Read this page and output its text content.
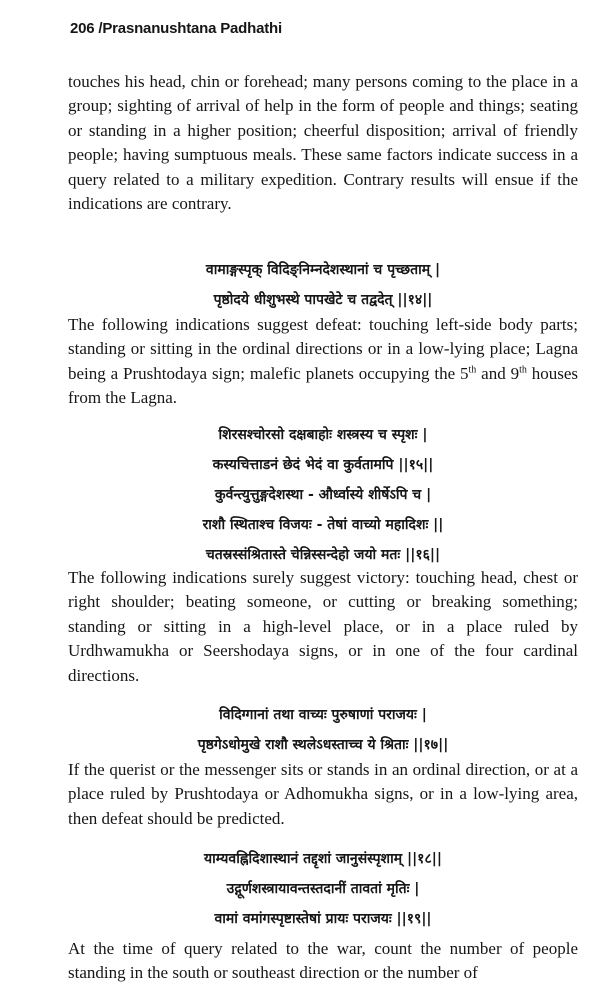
206 /Prasnanushtana Padhathi

touches his head, chin or forehead; many persons coming to the place in a group; sighting of arrival of help in the form of people and things; seating or standing in a higher position; cheerful disposition; arrival of friendly people; having sumptuous meals. These same factors indicate success in a query related to a military expedition. Contrary results will ensue if the indications are contrary.

वामाङ्गस्पृक् विदिङ्निम्नदेशस्थानां च पृच्छताम् |
पृष्ठोदये धीशुभस्थे पापखेटे च तद्वदेत् ||१४||

The following indications suggest defeat: touching left-side body parts; standing or sitting in the ordinal directions or in a low-lying place; Lagna being a Prushtodaya sign; malefic planets occupying the 5th and 9th houses from the Lagna.

शिरसश्चोरसो दक्षबाहोः शस्त्रस्य च स्पृशः |
कस्यचित्ताडनं छेदं भेदं वा कुर्वतामपि ||१५||
कुर्वन्त्युत्तुङ्गदेशस्था - और्ध्वास्ये शीर्षेऽपि च |
राशौ स्थिताश्च विजयः - तेषां वाच्यो महादिशः ||
चतस्रस्संश्रितास्ते चेन्निस्सन्देहो जयो मतः ||१६||

The following indications surely suggest victory: touching head, chest or right shoulder; beating someone, or cutting or breaking something; standing or sitting in a high-level place, or in a place ruled by Urdhwamukha or Seershodaya signs, or in one of the four cardinal directions.

विदिग्गानां तथा वाच्यः पुरुषाणां पराजयः |
पृष्ठगेऽधोमुखे राशौ स्थलेऽधस्ताच्च ये श्रिताः ||१७||

If the querist or the messenger sits or stands in an ordinal direction, or at a place ruled by Prushtodaya or Adhomukha signs, or in a low-lying area, then defeat should be predicted.

याम्यवह्निदिशास्थानं तद्दृशां जानुसंस्पृशाम् ||१८||
उद्गूर्णशस्त्रायावन्तस्तदानीं तावतां मृतिः |
वामां वमांगस्पृष्टास्तेषां प्रायः पराजयः ||१९||

At the time of query related to the war, count the number of people standing in the south or southeast direction or the number of
